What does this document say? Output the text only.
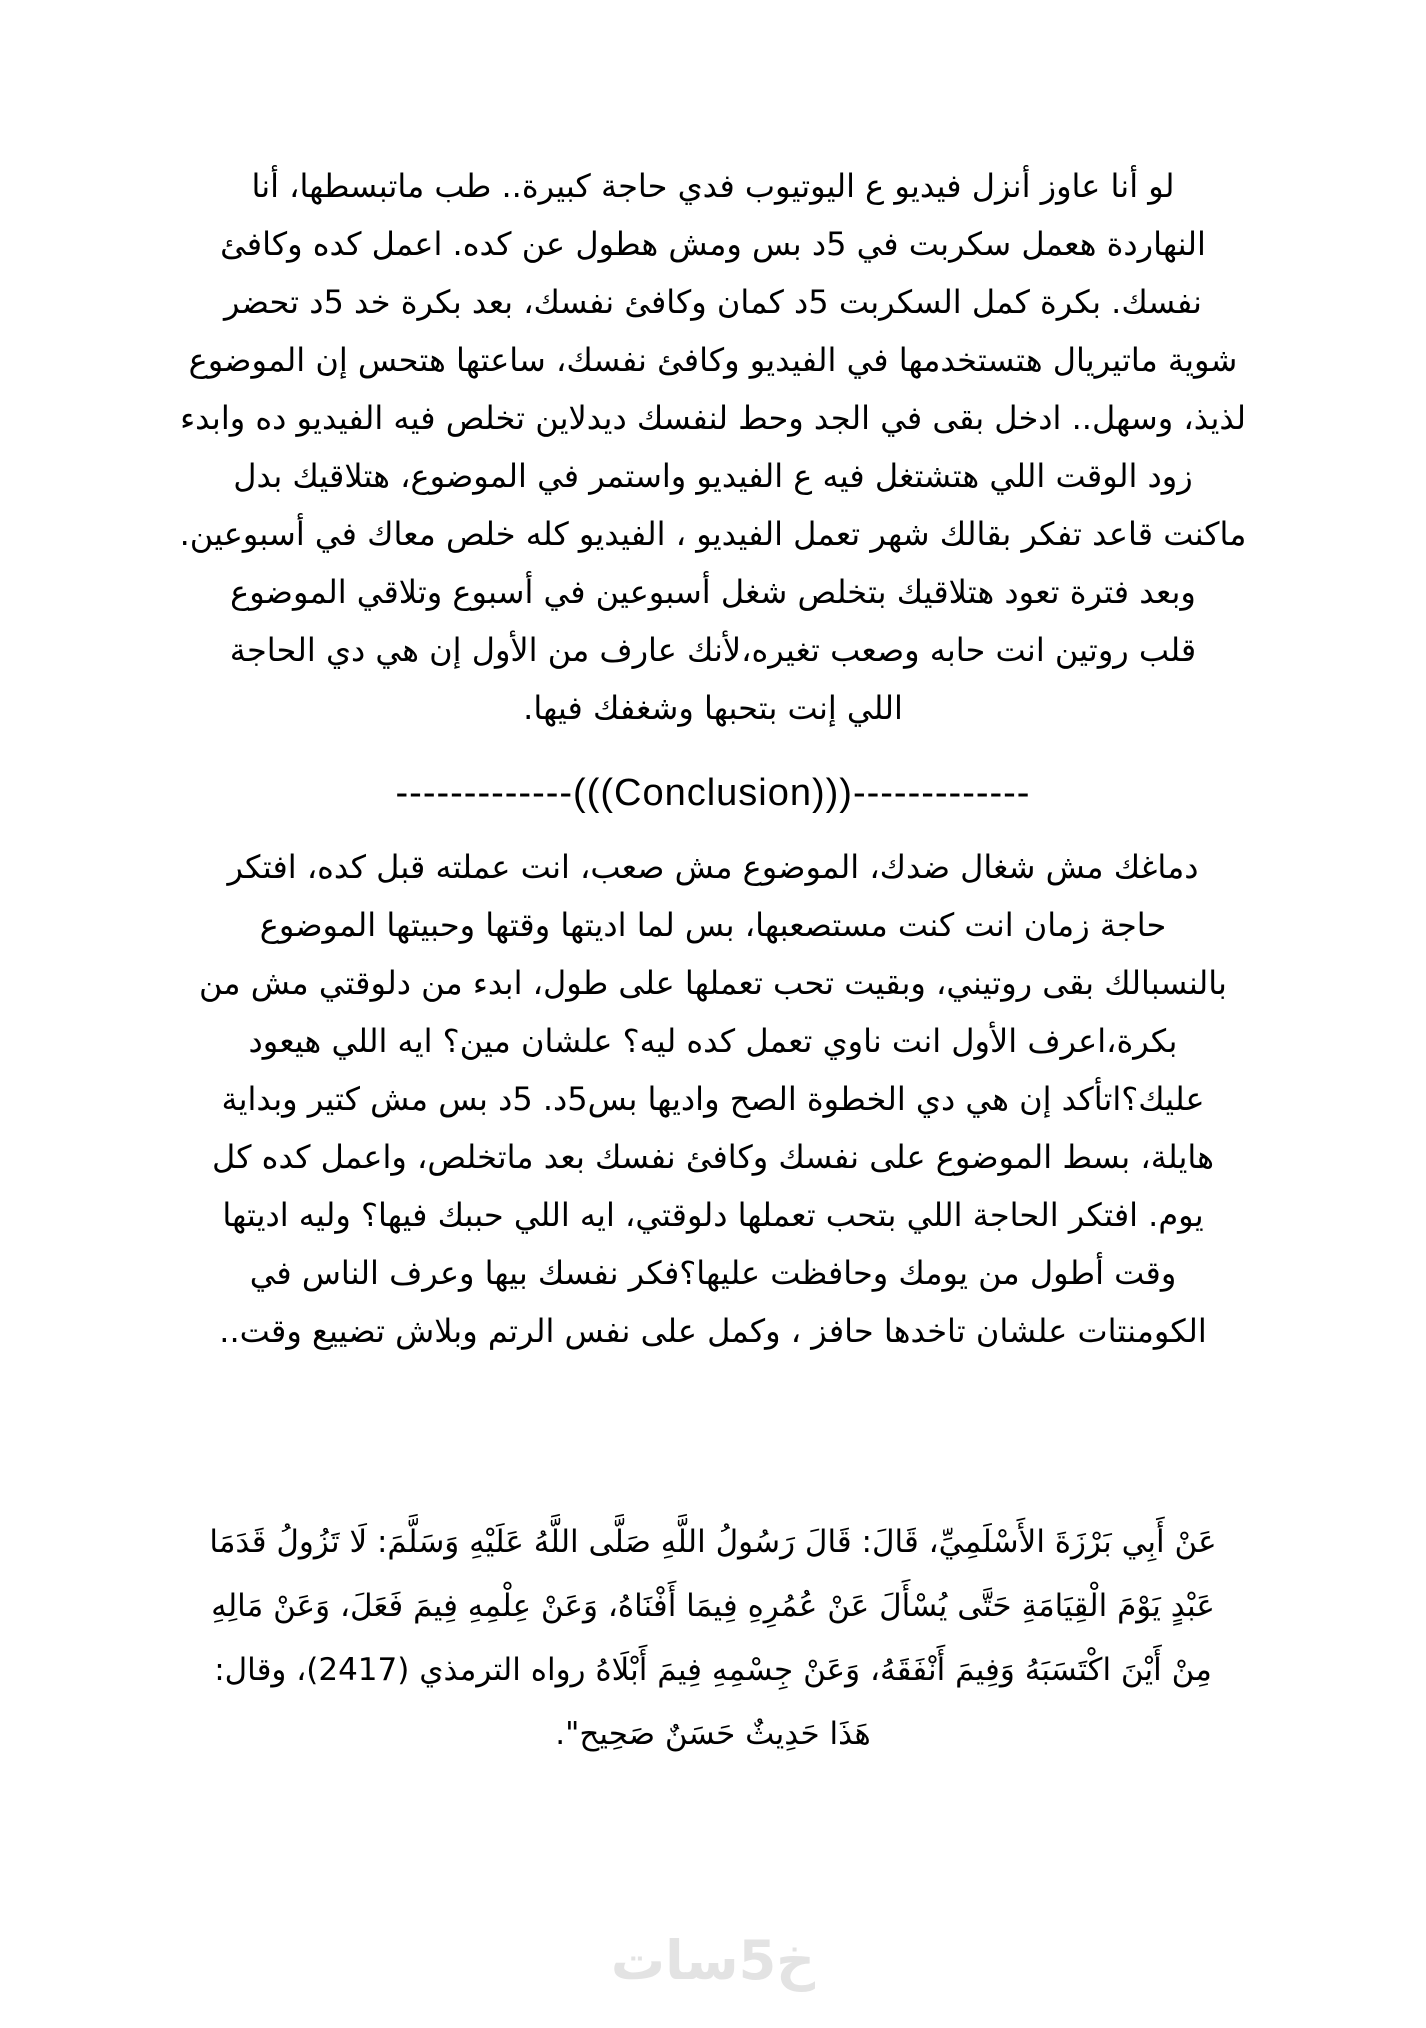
لو أنا عاوز أنزل فيديو ع اليوتيوب فدي حاجة كبيرة.. طب ماتبسطها، أنا
النهاردة هعمل سكربت في 5د بس ومش هطول عن كده. اعمل كده وكافئ
نفسك. بكرة كمل السكربت 5د كمان وكافئ نفسك، بعد بكرة خد 5د تحضر
شوية ماتيريال هتستخدمها في الفيديو وكافئ نفسك، ساعتها هتحس إن الموضوع
لذيذ، وسهل.. ادخل بقى في الجد وحط لنفسك ديدلاين تخلص فيه الفيديو ده وابدء
زود الوقت اللي هتشتغل فيه ع الفيديو واستمر في الموضوع، هتلاقيك بدل
ماكنت قاعد تفكر بقالك شهر تعمل الفيديو ، الفيديو كله خلص معاك في أسبوعين.
وبعد فترة تعود هتلاقيك بتخلص شغل أسبوعين في أسبوع وتلاقي الموضوع
قلب روتين انت حابه وصعب تغيره،لأنك عارف من الأول إن هي دي الحاجة
اللي إنت بتحبها وشغفك فيها.
-------------(((Conclusion)))-------------
دماغك مش شغال ضدك، الموضوع مش صعب، انت عملته قبل كده، افتكر
حاجة زمان انت كنت مستصعبها، بس لما اديتها وقتها وحبيتها الموضوع
بالنسبالك بقى روتيني، وبقيت تحب تعملها على طول، ابدء من دلوقتي مش من
بكرة،اعرف الأول انت ناوي تعمل كده ليه؟ علشان مين؟ ايه اللي هيعود
عليك؟اتأكد إن هي دي الخطوة الصح واديها بس5د. 5د بس مش كتير وبداية
هايلة، بسط الموضوع على نفسك وكافئ نفسك بعد ماتخلص، واعمل كده كل
يوم. افتكر الحاجة اللي بتحب تعملها دلوقتي، ايه اللي حببك فيها؟ وليه اديتها
وقت أطول من يومك وحافظت عليها؟فكر نفسك بيها وعرف الناس في
الكومنتات علشان تاخدها حافز ، وكمل على نفس الرتم وبلاش تضييع وقت..
عَنْ أَبِي بَرْزَةَ الأَسْلَمِيِّ، قَالَ: قَالَ رَسُولُ اللَّهِ صَلَّى اللَّهُ عَلَيْهِ وَسَلَّمَ: لَا تَزُولُ قَدَمَا
عَبْدٍ يَوْمَ الْقِيَامَةِ حَتَّى يُسْأَلَ عَنْ عُمُرِهِ فِيمَا أَفْنَاهُ، وَعَنْ عِلْمِهِ فِيمَ فَعَلَ، وَعَنْ مَالِهِ
مِنْ أَيْنَ اكْتَسَبَهُ وَفِيمَ أَنْفَقَهُ، وَعَنْ جِسْمِهِ فِيمَ أَبْلَاهُ رواه الترمذي (2417)، وقال:
هَذَا حَدِيثٌ حَسَنٌ صَحِيح".
خ5سات
